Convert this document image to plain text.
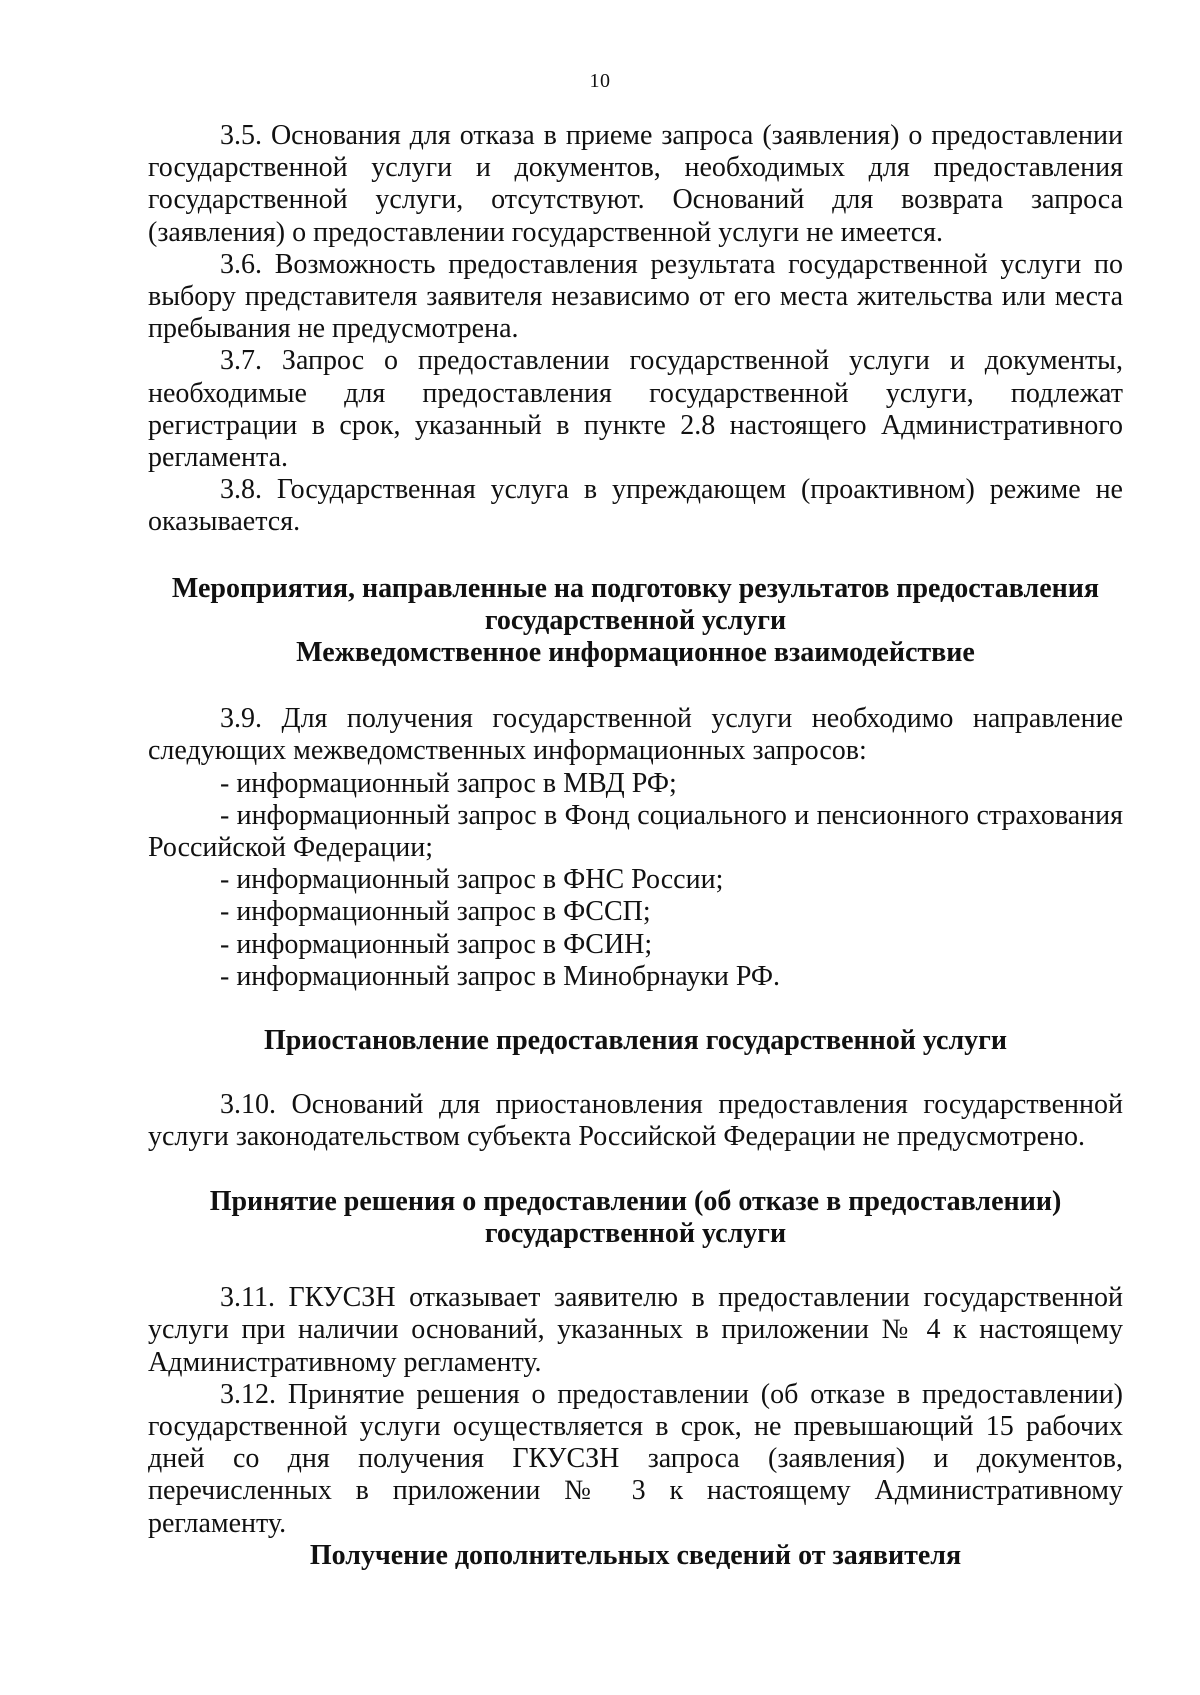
10

3.5. Основания для отказа в приеме запроса (заявления) о предоставлении государственной услуги и документов, необходимых для предоставления государственной услуги, отсутствуют. Оснований для возврата запроса (заявления) о предоставлении государственной услуги не имеется.

3.6. Возможность предоставления результата государственной услуги по выбору представителя заявителя независимо от его места жительства или места пребывания не предусмотрена.

3.7. Запрос о предоставлении государственной услуги и документы, необходимые для предоставления государственной услуги, подлежат регистрации в срок, указанный в пункте 2.8 настоящего Административного регламента.

3.8. Государственная услуга в упреждающем (проактивном) режиме не оказывается.

Мероприятия, направленные на подготовку результатов предоставления
государственной услуги
Межведомственное информационное взаимодействие

3.9. Для получения государственной услуги необходимо направление следующих межведомственных информационных запросов:

- информационный запрос в МВД РФ;

- информационный запрос в Фонд социального и пенсионного страхования Российской Федерации;

- информационный запрос в ФНС России;

- информационный запрос в ФССП;

- информационный запрос в ФСИН;

- информационный запрос в Минобрнауки РФ.

Приостановление предоставления государственной услуги

3.10. Оснований для приостановления предоставления государственной услуги законодательством субъекта Российской Федерации не предусмотрено.

Принятие решения о предоставлении (об отказе в предоставлении)
государственной услуги

3.11. ГКУСЗН отказывает заявителю в предоставлении государственной услуги при наличии оснований, указанных в приложении № 4 к настоящему Административному регламенту.

3.12. Принятие решения о предоставлении (об отказе в предоставлении) государственной услуги осуществляется в срок, не превышающий 15 рабочих дней со дня получения ГКУСЗН запроса (заявления) и документов, перечисленных в приложении № 3 к настоящему Административному регламенту.

Получение дополнительных сведений от заявителя
